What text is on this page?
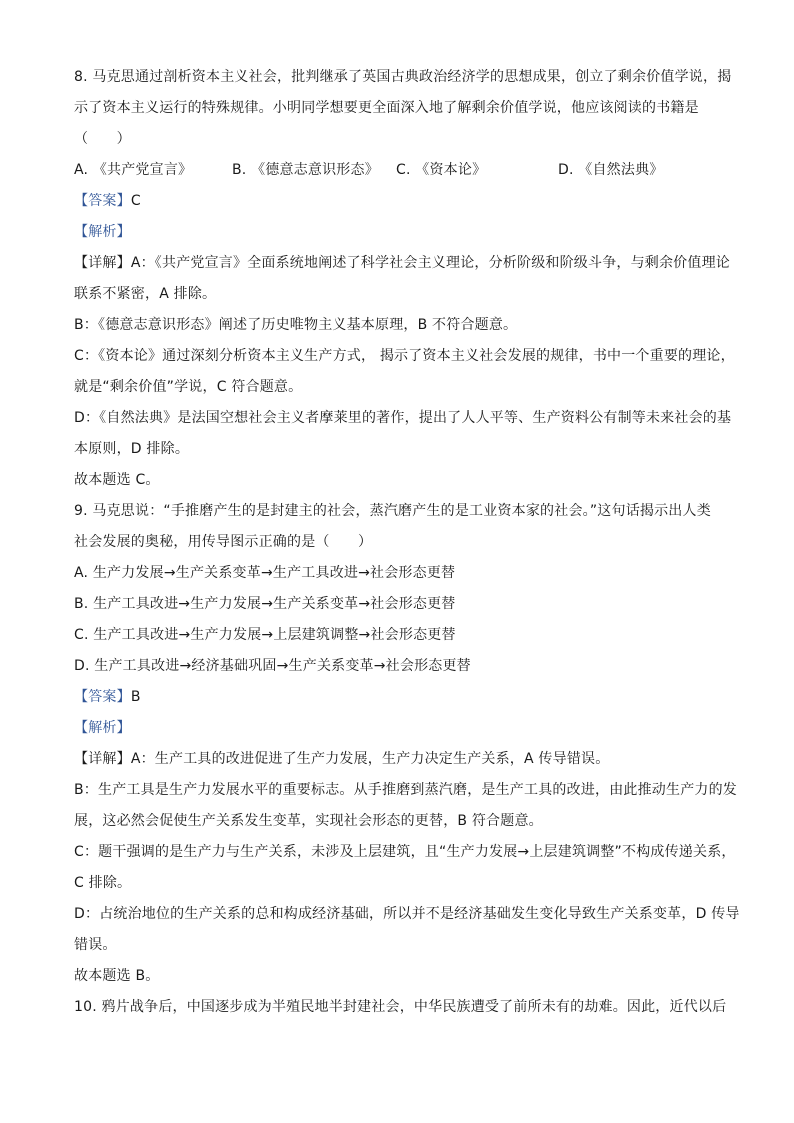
8. 马克思通过剖析资本主义社会，批判继承了英国古典政治经济学的思想成果，创立了剩余价值学说，揭
示了资本主义运行的特殊规律。小明同学想要更全面深入地了解剩余价值学说，他应该阅读的书籍是
（　　）
A. 《共产党宣言》	B. 《德意志意识形态》 C. 《资本论》	D. 《自然法典》
【答案】C
【解析】
【详解】A：《共产党宣言》全面系统地阐述了科学社会主义理论，分析阶级和阶级斗争，与剩余价值理论
联系不紧密，A 排除。
B：《德意志意识形态》阐述了历史唯物主义基本原理，B 不符合题意。
C：《资本论》通过深刻分析资本主义生产方式， 揭示了资本主义社会发展的规律，书中一个重要的理论，
就是“剩余价值”学说，C 符合题意。
D：《自然法典》是法国空想社会主义者摩莱里的著作，提出了人人平等、生产资料公有制等未来社会的基
本原则，D 排除。
故本题选 C。
9. 马克思说：“手推磨产生的是封建主的社会，蒸汽磨产生的是工业资本家的社会。”这句话揭示出人类
社会发展的奥秘，用传导图示正确的是（　　）
A. 生产力发展→生产关系变革→生产工具改进→社会形态更替
B. 生产工具改进→生产力发展→生产关系变革→社会形态更替
C. 生产工具改进→生产力发展→上层建筑调整→社会形态更替
D. 生产工具改进→经济基础巩固→生产关系变革→社会形态更替
【答案】B
【解析】
【详解】A：生产工具的改进促进了生产力发展，生产力决定生产关系，A 传导错误。
B：生产工具是生产力发展水平的重要标志。从手推磨到蒸汽磨，是生产工具的改进，由此推动生产力的发
展，这必然会促使生产关系发生变革，实现社会形态的更替，B 符合题意。
C：题干强调的是生产力与生产关系，未涉及上层建筑，且“生产力发展→上层建筑调整”不构成传递关系，
C 排除。
D：占统治地位的生产关系的总和构成经济基础，所以并不是经济基础发生变化导致生产关系变革，D 传导
错误。
故本题选 B。
10. 鸦片战争后，中国逐步成为半殖民地半封建社会，中华民族遭受了前所未有的劫难。因此，近代以后
